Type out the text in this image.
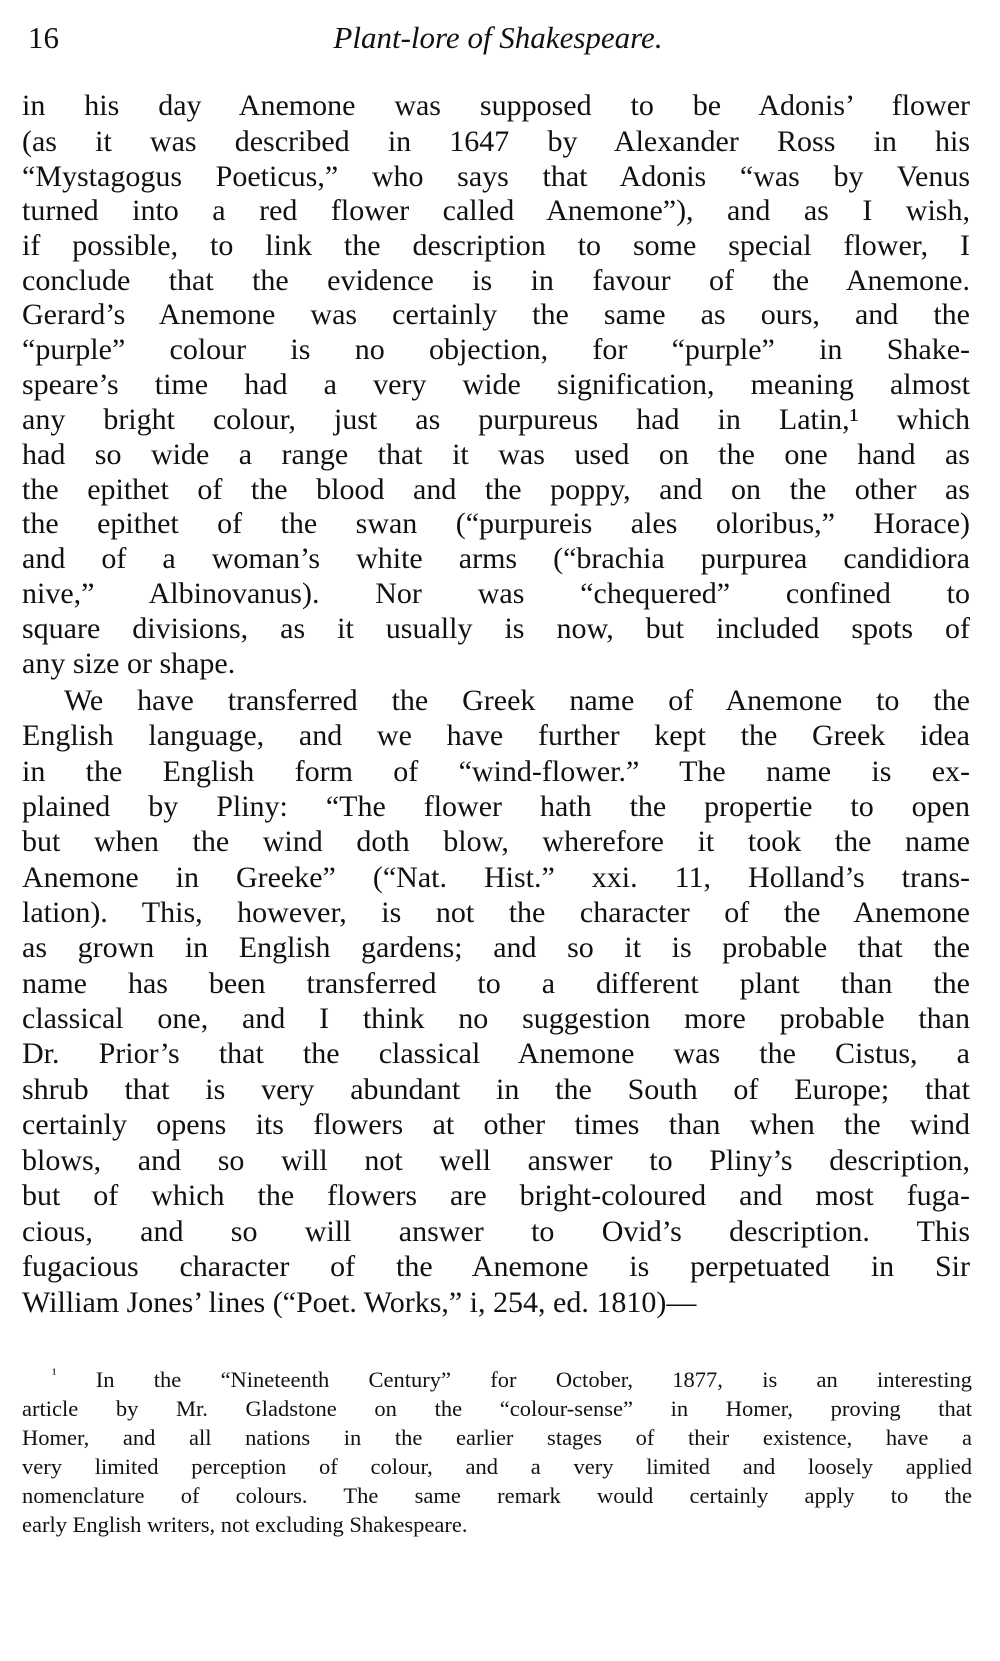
16	Plant-lore of Shakespeare.
in his day Anemone was supposed to be Adonis’ flower
(as it was described in 1647 by Alexander Ross in his
“Mystagogus Poeticus,” who says that Adonis “was by Venus
turned into a red flower called Anemone”), and as I wish,
if possible, to link the description to some special flower, I
conclude that the evidence is in favour of the Anemone.
Gerard’s Anemone was certainly the same as ours, and the
“purple” colour is no objection, for “purple” in Shake-
speare’s time had a very wide signification, meaning almost
any bright colour, just as purpureus had in Latin,¹ which
had so wide a range that it was used on the one hand as
the epithet of the blood and the poppy, and on the other as
the epithet of the swan (“purpureis ales oloribus,” Horace)
and of a woman’s white arms (“brachia purpurea candidiora
nive,” Albinovanus). Nor was “chequered” confined to
square divisions, as it usually is now, but included spots of
any size or shape.
We have transferred the Greek name of Anemone to the
English language, and we have further kept the Greek idea
in the English form of “wind-flower.” The name is ex-
plained by Pliny: “The flower hath the propertie to open
but when the wind doth blow, wherefore it took the name
Anemone in Greeke” (“Nat. Hist.” xxi. 11, Holland’s trans-
lation). This, however, is not the character of the Anemone
as grown in English gardens; and so it is probable that the
name has been transferred to a different plant than the
classical one, and I think no suggestion more probable than
Dr. Prior’s that the classical Anemone was the Cistus, a
shrub that is very abundant in the South of Europe; that
certainly opens its flowers at other times than when the wind
blows, and so will not well answer to Pliny’s description,
but of which the flowers are bright-coloured and most fuga-
cious, and so will answer to Ovid’s description. This
fugacious character of the Anemone is perpetuated in Sir
William Jones’ lines (“Poet. Works,” i, 254, ed. 1810)—
$^{^1}$ In the “Nineteenth Century” for October, 1877, is an interesting
article by Mr. Gladstone on the “colour-sense” in Homer, proving that
Homer, and all nations in the earlier stages of their existence, have a
very limited perception of colour, and a very limited and loosely applied
nomenclature of colours. The same remark would certainly apply to the
early English writers, not excluding Shakespeare.
